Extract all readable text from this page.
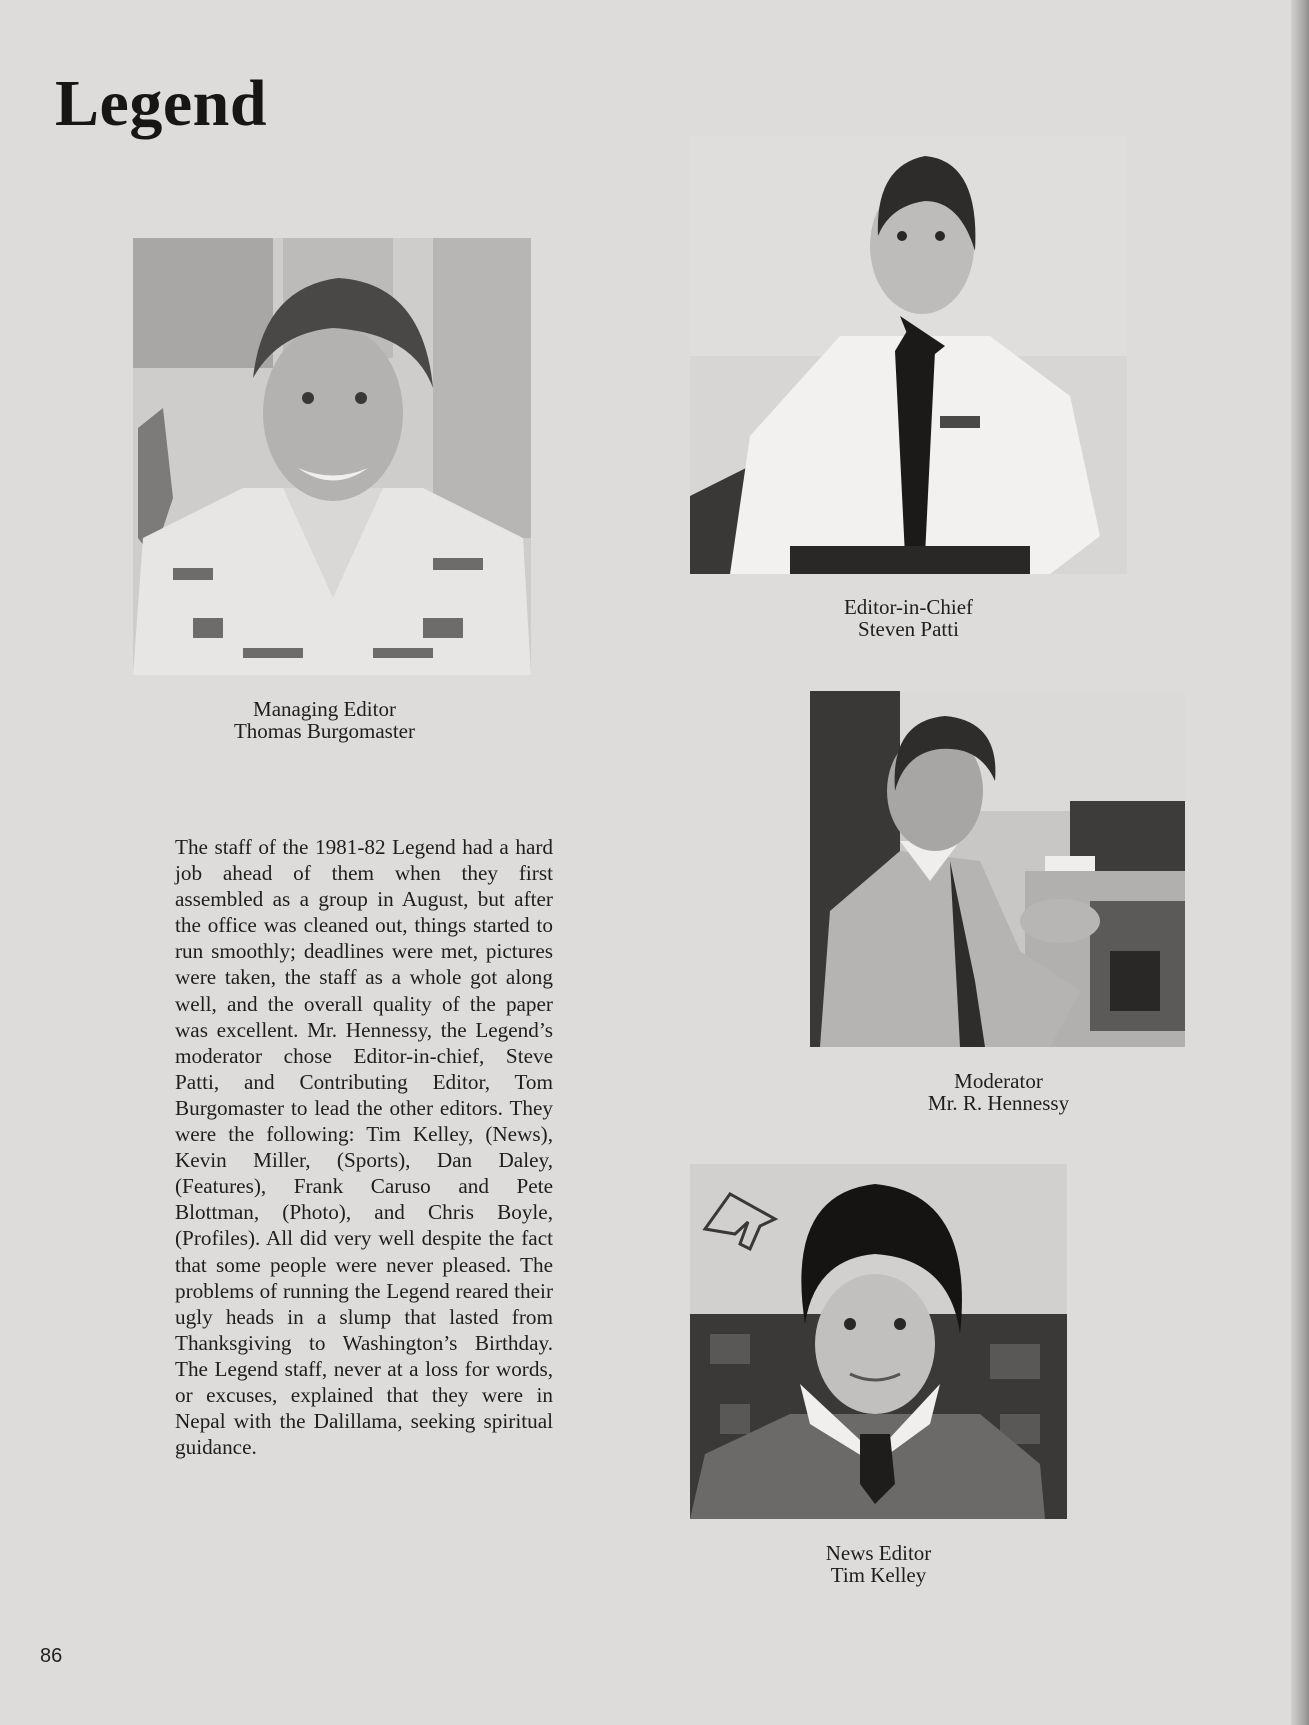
Legend
Managing Editor
Thomas Burgomaster
Editor-in-Chief
Steven Patti
Moderator
Mr. R. Hennessy
News Editor
Tim Kelley

The staff of the 1981-82 Legend had a hard job ahead of them when they first assembled as a group in August, but after the office was cleaned out, things started to run smoothly; deadlines were met, pictures were taken, the staff as a whole got along well, and the overall quality of the paper was excellent. Mr. Hennessy, the Legend’s moderator chose Editor-in-chief, Steve Patti, and Contributing Editor, Tom Burgomaster to lead the other editors. They were the following: Tim Kelley, (News), Kevin Miller, (Sports), Dan Daley, (Features), Frank Caruso and Pete Blottman, (Photo), and Chris Boyle, (Profiles). All did very well despite the fact that some people were never pleased. The problems of running the Legend reared their ugly heads in a slump that lasted from Thanksgiving to Washington’s Birthday. The Legend staff, never at a loss for words, or excuses, explained that they were in Nepal with the Dalillama, seeking spiritual guidance.

86
